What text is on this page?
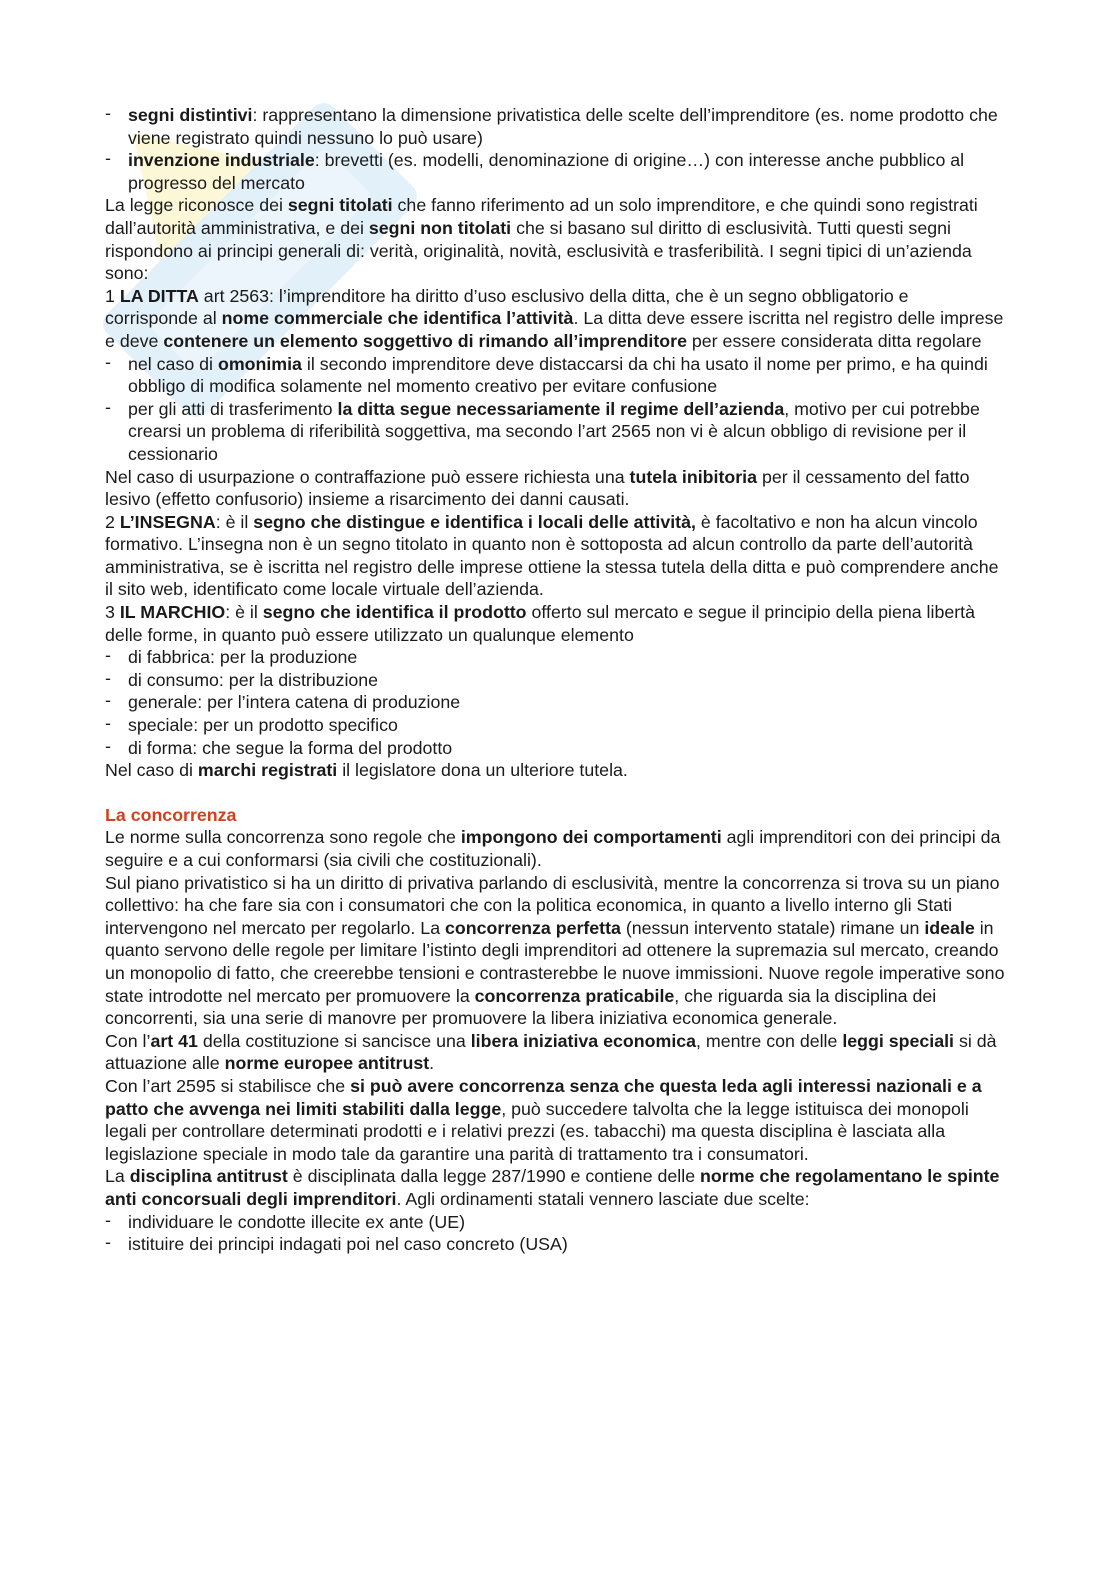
- segni distintivi: rappresentano la dimensione privatistica delle scelte dell’imprenditore (es. nome prodotto che viene registrato quindi nessuno lo può usare)

- invenzione industriale: brevetti (es. modelli, denominazione di origine…) con interesse anche pubblico al progresso del mercato

La legge riconosce dei segni titolati che fanno riferimento ad un solo imprenditore, e che quindi sono registrati dall’autorità amministrativa, e dei segni non titolati che si basano sul diritto di esclusività. Tutti questi segni rispondono ai principi generali di: verità, originalità, novità, esclusività e trasferibilità. I segni tipici di un’azienda sono:

1 LA DITTA art 2563: l’imprenditore ha diritto d’uso esclusivo della ditta, che è un segno obbligatorio e corrisponde al nome commerciale che identifica l’attività. La ditta deve essere iscritta nel registro delle imprese e deve contenere un elemento soggettivo di rimando all’imprenditore per essere considerata ditta regolare

- nel caso di omonimia il secondo imprenditore deve distaccarsi da chi ha usato il nome per primo, e ha quindi obbligo di modifica solamente nel momento creativo per evitare confusione

- per gli atti di trasferimento la ditta segue necessariamente il regime dell’azienda, motivo per cui potrebbe crearsi un problema di riferibilità soggettiva, ma secondo l’art 2565 non vi è alcun obbligo di revisione per il cessionario

Nel caso di usurpazione o contraffazione può essere richiesta una tutela inibitoria per il cessamento del fatto lesivo (effetto confusorio) insieme a risarcimento dei danni causati.

2 L’INSEGNA: è il segno che distingue e identifica i locali delle attività, è facoltativo e non ha alcun vincolo formativo. L’insegna non è un segno titolato in quanto non è sottoposta ad alcun controllo da parte dell’autorità amministrativa, se è iscritta nel registro delle imprese ottiene la stessa tutela della ditta e può comprendere anche il sito web, identificato come locale virtuale dell’azienda.

3 IL MARCHIO: è il segno che identifica il prodotto offerto sul mercato e segue il principio della piena libertà delle forme, in quanto può essere utilizzato un qualunque elemento

- di fabbrica: per la produzione

- di consumo: per la distribuzione

- generale: per l’intera catena di produzione

- speciale: per un prodotto specifico

- di forma: che segue la forma del prodotto

Nel caso di marchi registrati il legislatore dona un ulteriore tutela.

La concorrenza

Le norme sulla concorrenza sono regole che impongono dei comportamenti agli imprenditori con dei principi da seguire e a cui conformarsi (sia civili che costituzionali).

Sul piano privatistico si ha un diritto di privativa parlando di esclusività, mentre la concorrenza si trova su un piano collettivo: ha che fare sia con i consumatori che con la politica economica, in quanto a livello interno gli Stati intervengono nel mercato per regolarlo. La concorrenza perfetta (nessun intervento statale) rimane un ideale in quanto servono delle regole per limitare l’istinto degli imprenditori ad ottenere la supremazia sul mercato, creando un monopolio di fatto, che creerebbe tensioni e contrasterebbe le nuove immissioni. Nuove regole imperative sono state introdotte nel mercato per promuovere la concorrenza praticabile, che riguarda sia la disciplina dei concorrenti, sia una serie di manovre per promuovere la libera iniziativa economica generale.

Con l’art 41 della costituzione si sancisce una libera iniziativa economica, mentre con delle leggi speciali si dà attuazione alle norme europee antitrust.

Con l’art 2595 si stabilisce che si può avere concorrenza senza che questa leda agli interessi nazionali e a patto che avvenga nei limiti stabiliti dalla legge, può succedere talvolta che la legge istituisca dei monopoli legali per controllare determinati prodotti e i relativi prezzi (es. tabacchi) ma questa disciplina è lasciata alla legislazione speciale in modo tale da garantire una parità di trattamento tra i consumatori.

La disciplina antitrust è disciplinata dalla legge 287/1990 e contiene delle norme che regolamentano le spinte anti concorsuali degli imprenditori. Agli ordinamenti statali vennero lasciate due scelte:

- individuare le condotte illecite ex ante (UE)

- istituire dei principi indagati poi nel caso concreto (USA)
